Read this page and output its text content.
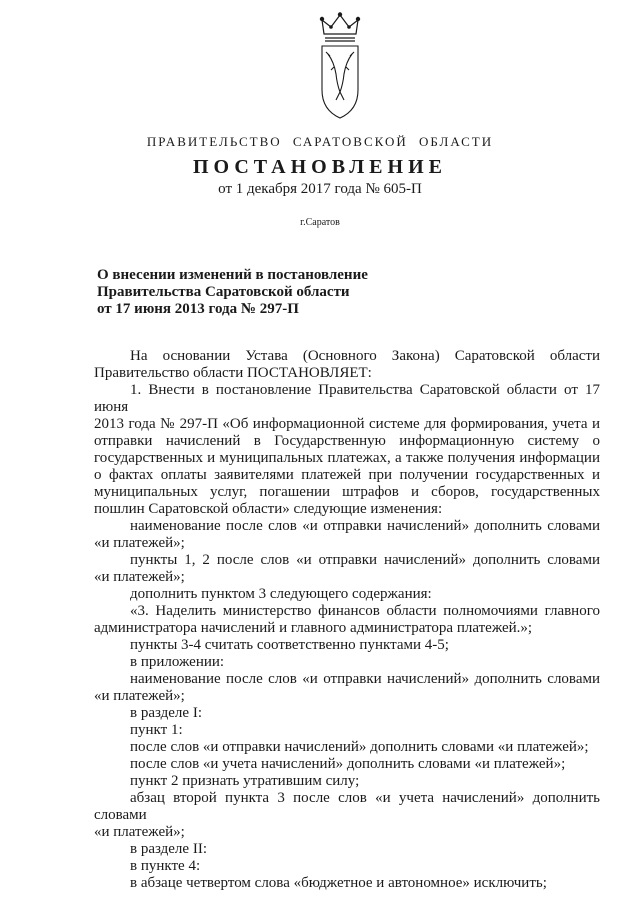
ПРАВИТЕЛЬСТВО САРАТОВСКОЙ ОБЛАСТИ
ПОСТАНОВЛЕНИЕ
от 1 декабря 2017 года № 605-П
г.Саратов
О внесении изменений в постановление
Правительства Саратовской области
от 17 июня 2013 года № 297-П

На основании Устава (Основного Закона) Саратовской области

Правительство области ПОСТАНОВЛЯЕТ:

1. Внести в постановление Правительства Саратовской области от 17 июня

2013 года № 297-П «Об информационной системе для формирования, учета и отправки начислений в Государственную информационную систему о государственных и муниципальных платежах, а также получения информации о фактах оплаты заявителями платежей при получении государственных и муниципальных услуг, погашении штрафов и сборов, государственных пошлин Саратовской области» следующие изменения:

наименование после слов «и отправки начислений» дополнить словами

«и платежей»;

пункты 1, 2 после слов «и отправки начислений» дополнить словами

«и платежей»;

дополнить пунктом 3 следующего содержания:

«3. Наделить министерство финансов области полномочиями главного

администратора начислений и главного администратора платежей.»;

пункты 3-4 считать соответственно пунктами 4-5;

в приложении:

наименование после слов «и отправки начислений» дополнить словами

«и платежей»;

в разделе I:

пункт 1:

после слов «и отправки начислений» дополнить словами «и платежей»;

после слов «и учета начислений» дополнить словами «и платежей»;

пункт 2 признать утратившим силу;

абзац второй пункта 3 после слов «и учета начислений» дополнить словами

«и платежей»;

в разделе II:

в пункте 4:

в абзаце четвертом слова «бюджетное и автономное» исключить;
